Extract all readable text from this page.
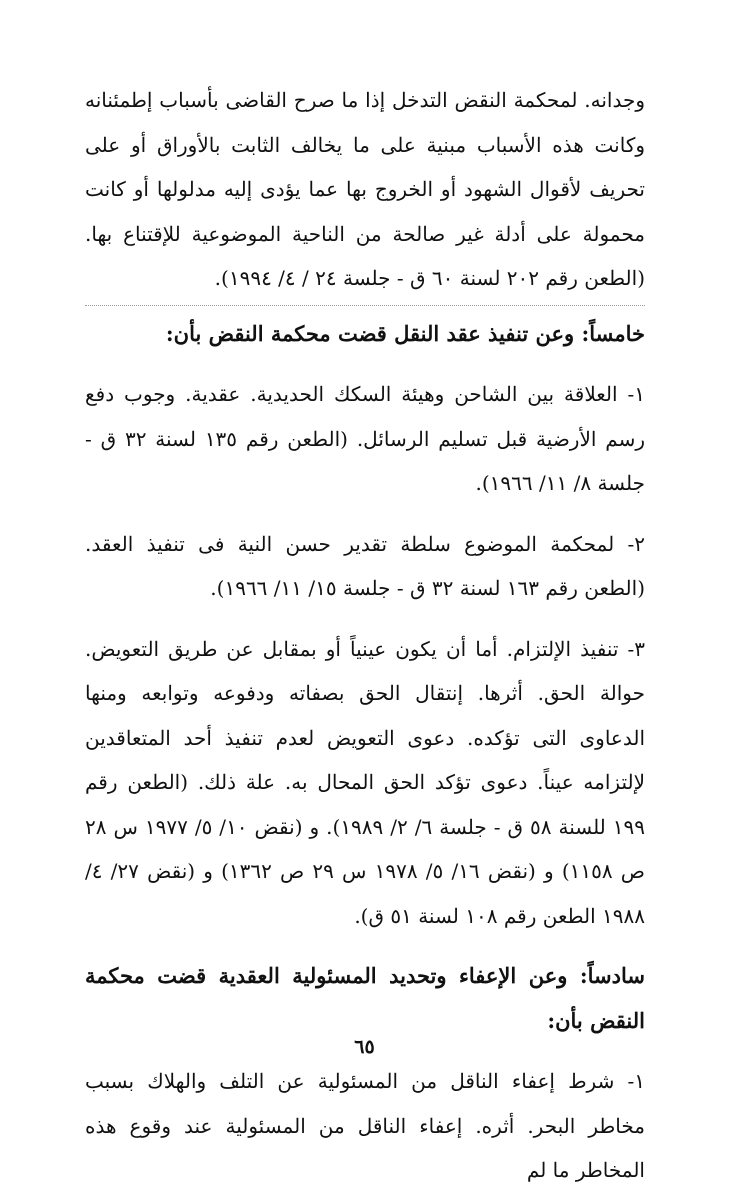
وجدانه. لمحكمة النقض التدخل إذا ما صرح القاضى بأسباب إطمئنانه وكانت هذه الأسباب مبنية على ما يخالف الثابت بالأوراق أو على تحريف لأقوال الشهود أو الخروج بها عما يؤدى إليه مدلولها أو كانت محمولة على أدلة غير صالحة من الناحية الموضوعية للإقتناع بها. (الطعن رقم ٢٠٢ لسنة ٦٠ ق - جلسة ٢٤ / ٤/ ١٩٩٤).

خامساً: وعن تنفيذ عقد النقل قضت محكمة النقض بأن:

١- العلاقة بين الشاحن وهيئة السكك الحديدية. عقدية. وجوب دفع رسم الأرضية قبل تسليم الرسائل. (الطعن رقم ١٣٥ لسنة ٣٢ ق - جلسة ٨/ ١١/ ١٩٦٦).

٢- لمحكمة الموضوع سلطة تقدير حسن النية فى تنفيذ العقد. (الطعن رقم ١٦٣ لسنة ٣٢ ق - جلسة ١٥/ ١١/ ١٩٦٦).

٣- تنفيذ الإلتزام. أما أن يكون عينياً أو بمقابل عن طريق التعويض. حوالة الحق. أثرها. إنتقال الحق بصفاته ودفوعه وتوابعه ومنها الدعاوى التى تؤكده. دعوى التعويض لعدم تنفيذ أحد المتعاقدين لإلتزامه عيناً. دعوى تؤكد الحق المحال به. علة ذلك. (الطعن رقم ١٩٩ للسنة ٥٨ ق - جلسة ٦/ ٢/ ١٩٨٩). و (نقض ١٠/ ٥/ ١٩٧٧ س ٢٨ ص ١١٥٨) و (نقض ١٦/ ٥/ ١٩٧٨ س ٢٩ ص ١٣٦٢) و (نقض ٢٧/ ٤/ ١٩٨٨ الطعن رقم ١٠٨ لسنة ٥١ ق).

سادساً: وعن الإعفاء وتحديد المسئولية العقدية قضت محكمة النقض بأن:

١- شرط إعفاء الناقل من المسئولية عن التلف والهلاك بسبب مخاطر البحر. أثره. إعفاء الناقل من المسئولية عند وقوع هذه المخاطر ما لم

٦٥
